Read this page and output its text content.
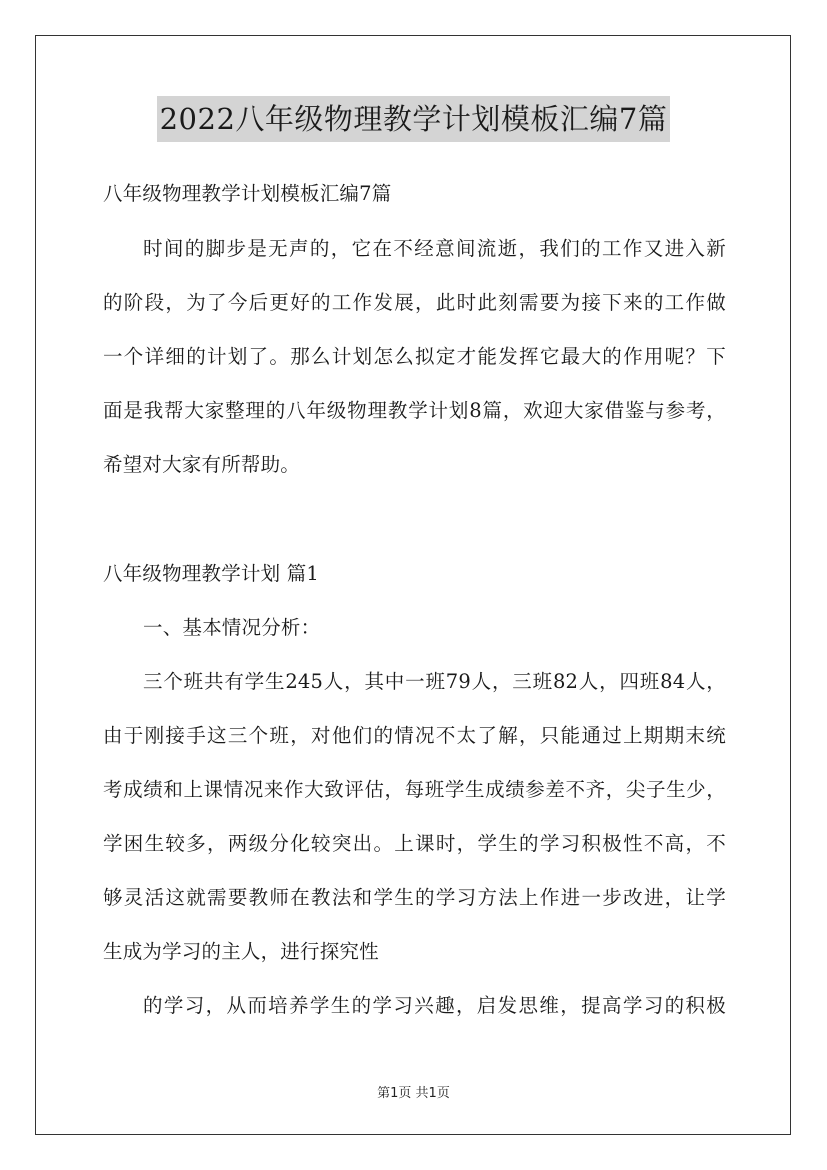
2022八年级物理教学计划模板汇编7篇
八年级物理教学计划模板汇编7篇
时间的脚步是无声的，它在不经意间流逝，我们的工作又进入新
的阶段，为了今后更好的工作发展，此时此刻需要为接下来的工作做
一个详细的计划了。那么计划怎么拟定才能发挥它最大的作用呢？下
面是我帮大家整理的八年级物理教学计划8篇，欢迎大家借鉴与参考，
希望对大家有所帮助。
八年级物理教学计划 篇1
一、基本情况分析：
三个班共有学生245人，其中一班79人，三班82人，四班84人，
由于刚接手这三个班，对他们的情况不太了解，只能通过上期期末统
考成绩和上课情况来作大致评估，每班学生成绩参差不齐，尖子生少，
学困生较多，两级分化较突出。上课时，学生的学习积极性不高，不
够灵活这就需要教师在教法和学生的学习方法上作进一步改进，让学
生成为学习的主人，进行探究性
的学习，从而培养学生的学习兴趣，启发思维，提高学习的积极
第1页 共1页
